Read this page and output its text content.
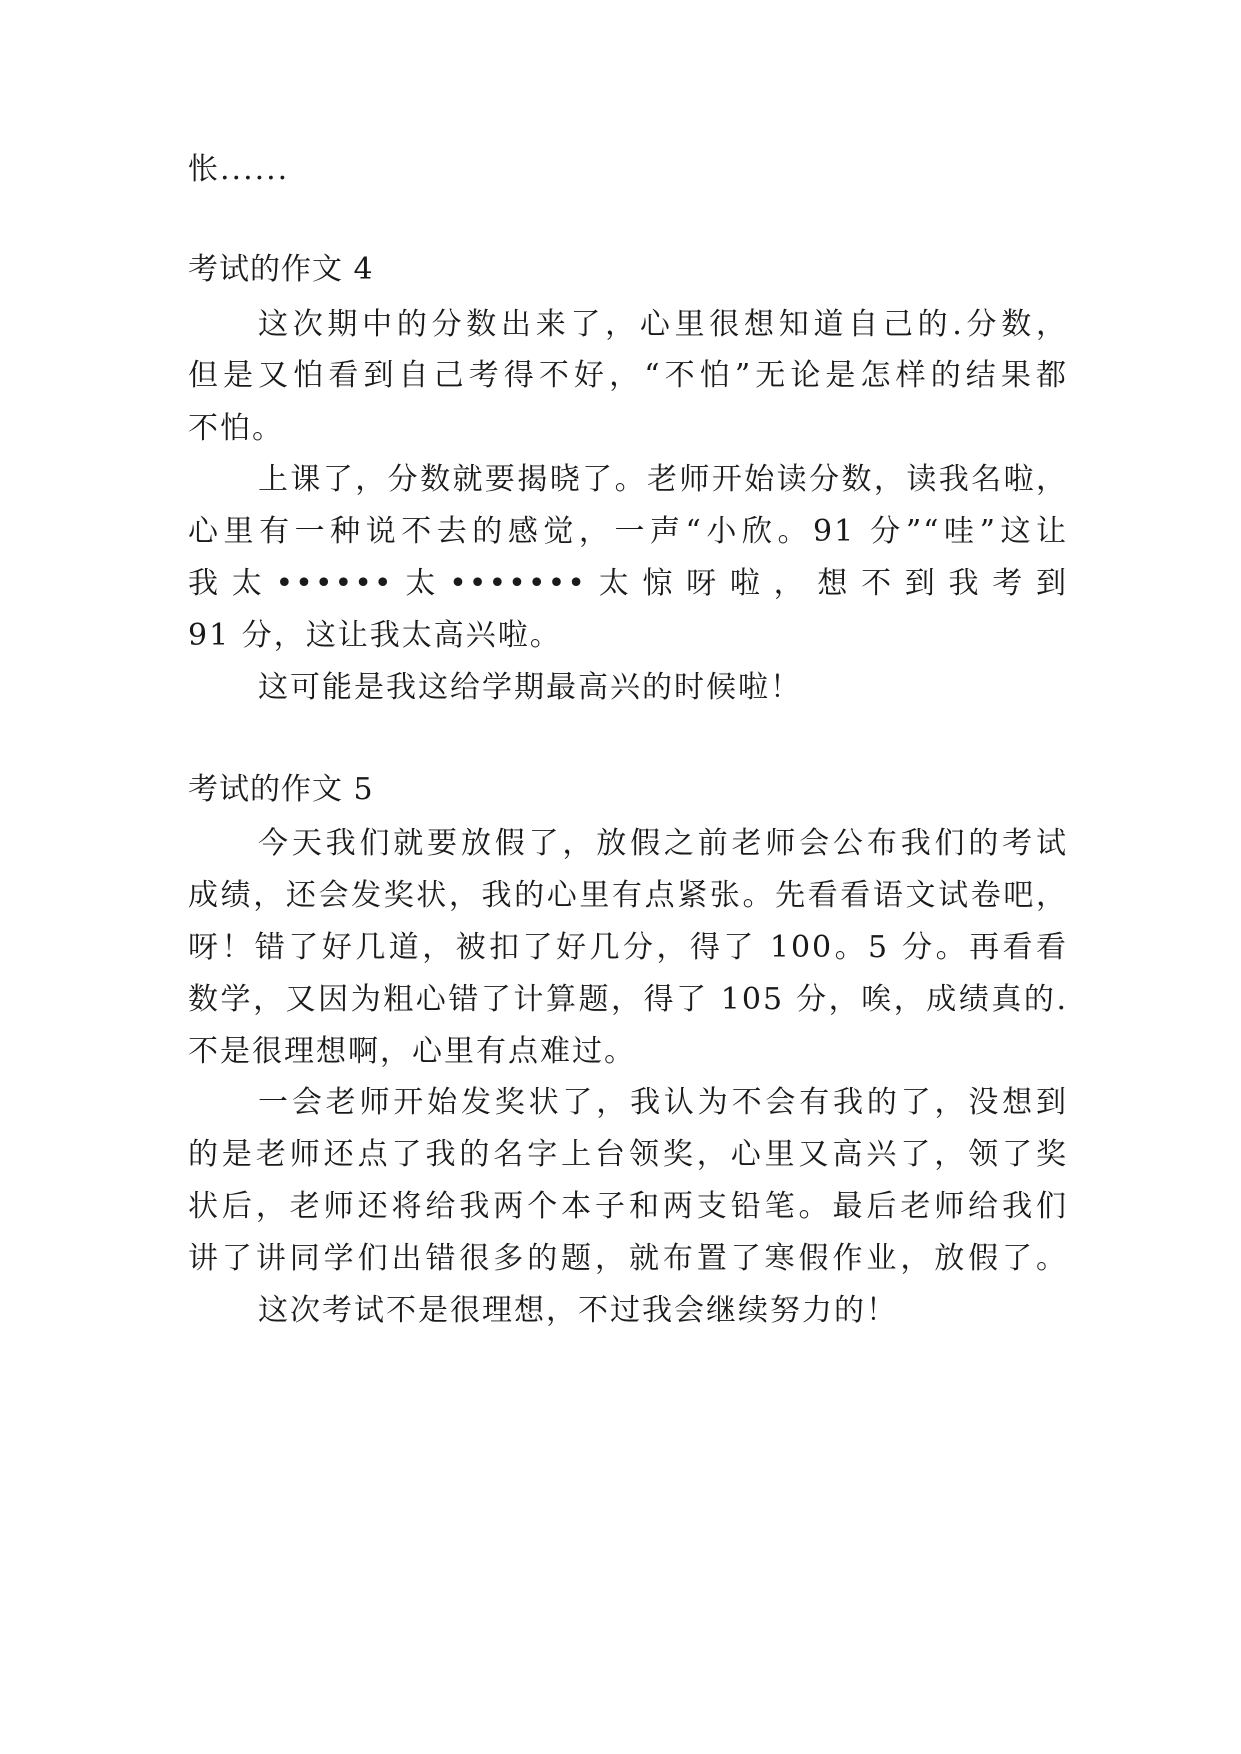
怅......
考试的作文 4
这次期中的分数出来了，心里很想知道自己的.分数，
但是又怕看到自己考得不好，“不怕”无论是怎样的结果都
不怕。
上课了，分数就要揭晓了。老师开始读分数，读我名啦，
心里有一种说不去的感觉，一声“小欣。91 分”“哇”这让
我太••••••太•••••••太惊呀啦，想不到我考到
91 分，这让我太高兴啦。
这可能是我这给学期最高兴的时候啦！
考试的作文 5
今天我们就要放假了，放假之前老师会公布我们的考试
成绩，还会发奖状，我的心里有点紧张。先看看语文试卷吧，
呀！错了好几道，被扣了好几分，得了 100。5 分。再看看
数学，又因为粗心错了计算题，得了 105 分，唉，成绩真的.
不是很理想啊，心里有点难过。
一会老师开始发奖状了，我认为不会有我的了，没想到
的是老师还点了我的名字上台领奖，心里又高兴了，领了奖
状后，老师还将给我两个本子和两支铅笔。最后老师给我们
讲了讲同学们出错很多的题，就布置了寒假作业，放假了。
这次考试不是很理想，不过我会继续努力的！
